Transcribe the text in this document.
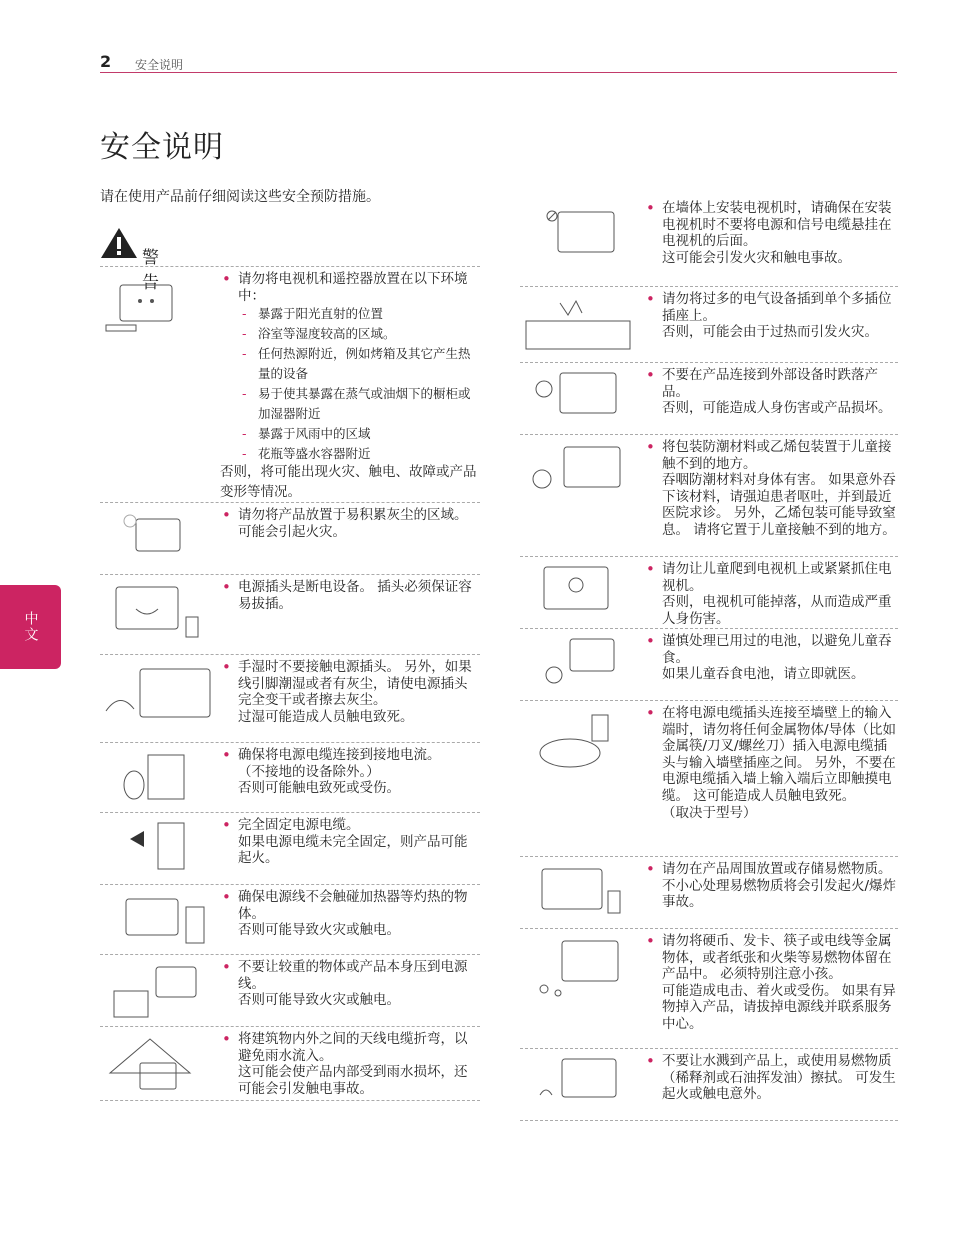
2 安全说明
安全说明
请在使用产品前仔细阅读这些安全预防措施。
警告
中文
• 请勿将电视机和遥控器放置在以下环境中：
- 暴露于阳光直射的位置
- 浴室等湿度较高的区域。
- 任何热源附近，例如烤箱及其它产生热量的设备
- 易于使其暴露在蒸气或油烟下的橱柜或加湿器附近
- 暴露于风雨中的区域
- 花瓶等盛水容器附近
否则，将可能出现火灾、触电、故障或产品变形等情况。
• 请勿将产品放置于易积累灰尘的区域。
可能会引起火灾。
• 电源插头是断电设备。 插头必须保证容易拔插。
• 手湿时不要接触电源插头。 另外，如果线引脚潮湿或者有灰尘，请使电源插头完全变干或者擦去灰尘。
过湿可能造成人员触电致死。
• 确保将电源电缆连接到接地电流。
（不接地的设备除外。）
否则可能触电致死或受伤。
• 完全固定电源电缆。
如果电源电缆未完全固定，则产品可能起火。
• 确保电源线不会触碰加热器等灼热的物体。
否则可能导致火灾或触电。
• 不要让较重的物体或产品本身压到电源线。
否则可能导致火灾或触电。
• 将建筑物内外之间的天线电缆折弯，以避免雨水流入。
这可能会使产品内部受到雨水损坏，还可能会引发触电事故。
• 在墙体上安装电视机时，请确保在安装电视机时不要将电源和信号电缆悬挂在电视机的后面。
这可能会引发火灾和触电事故。
• 请勿将过多的电气设备插到单个多插位插座上。
否则，可能会由于过热而引发火灾。
• 不要在产品连接到外部设备时跌落产品。
否则，可能造成人身伤害或产品损坏。
• 将包装防潮材料或乙烯包装置于儿童接触不到的地方。
吞咽防潮材料对身体有害。 如果意外吞下该材料，请强迫患者呕吐，并到最近医院求诊。 另外，乙烯包装可能导致窒息。 请将它置于儿童接触不到的地方。
• 请勿让儿童爬到电视机上或紧紧抓住电视机。
否则，电视机可能掉落，从而造成严重人身伤害。
• 谨慎处理已用过的电池，以避免儿童吞食。
如果儿童吞食电池，请立即就医。
• 在将电源电缆插头连接至墙壁上的输入端时，请勿将任何金属物体/导体（比如金属筷/刀叉/螺丝刀）插入电源电缆插头与输入墙壁插座之间。 另外，不要在电源电缆插入墙上输入端后立即触摸电缆。 这可能造成人员触电致死。
（取决于型号）
• 请勿在产品周围放置或存储易燃物质。
不小心处理易燃物质将会引发起火/爆炸事故。
• 请勿将硬币、发卡、筷子或电线等金属物体，或者纸张和火柴等易燃物体留在产品中。 必须特别注意小孩。
可能造成电击、着火或受伤。 如果有异物掉入产品，请拔掉电源线并联系服务中心。
• 不要让水溅到产品上，或使用易燃物质（稀释剂或石油挥发油）擦拭。 可发生起火或触电意外。
